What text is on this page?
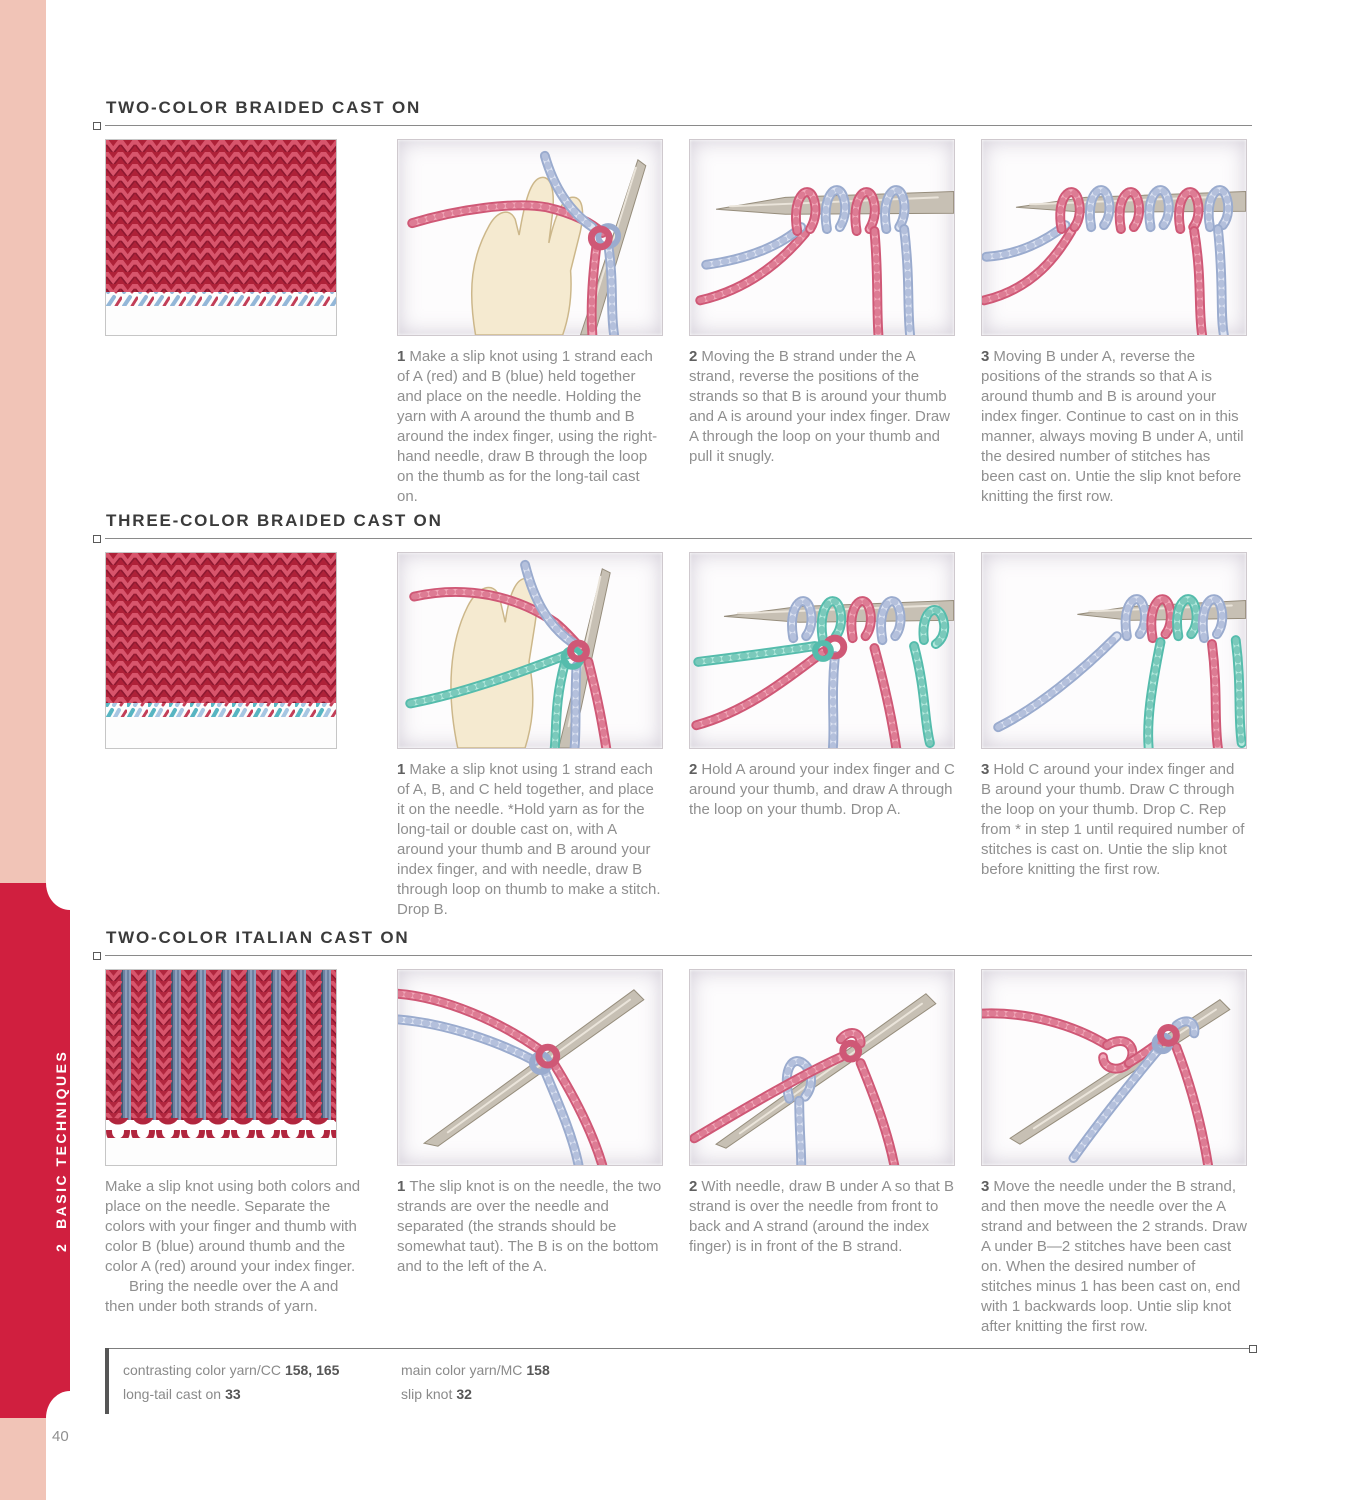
2  BASIC TECHNIQUES
TWO-COLOR BRAIDED CAST ON

1 Make a slip knot using 1 strand each of A (red) and B (blue) held together and place on the needle. Holding the yarn with A around the thumb and B around the index finger, using the right-hand needle, draw B through the loop on the thumb as for the long-tail cast on.

2 Moving the B strand under the A strand, reverse the positions of the strands so that B is around your thumb and A is around your index finger. Draw A through the loop on your thumb and pull it snugly.

3 Moving B under A, reverse the positions of the strands so that A is around thumb and B is around your index finger. Continue to cast on in this manner, always moving B under A, until the desired number of stitches has been cast on. Untie the slip knot before knitting the first row.

THREE-COLOR BRAIDED CAST ON

1 Make a slip knot using 1 strand each of A, B, and C held together, and place it on the needle. *Hold yarn as for the long-tail or double cast on, with A around your thumb and B around your index finger, and with needle, draw B through loop on thumb to make a stitch. Drop B.

2 Hold A around your index finger and C around your thumb, and draw A through the loop on your thumb. Drop A.

3 Hold C around your index finger and B around your thumb. Draw C through the loop on your thumb. Drop C. Rep from * in step 1 until required number of stitches is cast on. Untie the slip knot before knitting the first row.

TWO-COLOR ITALIAN CAST ON

Make a slip knot using both colors and place on the needle. Separate the colors with your finger and thumb with color B (blue) around thumb and the color A (red) around your index finger.

Bring the needle over the A and then under both strands of yarn.

1 The slip knot is on the needle, the two strands are over the needle and separated (the strands should be somewhat taut). The B is on the bottom and to the left of the A.

2 With needle, draw B under A so that B strand is over the needle from front to back and A strand (around the index finger) is in front of the B strand.

3 Move the needle under the B strand, and then move the needle over the A strand and between the 2 strands. Draw A under B—2 stitches have been cast on. When the desired number of stitches minus 1 has been cast on, end with 1 backwards loop. Untie slip knot after knitting the first row.

contrasting color yarn/CC 158, 165	main color yarn/MC 158
long-tail cast on 33	slip knot 32
40
